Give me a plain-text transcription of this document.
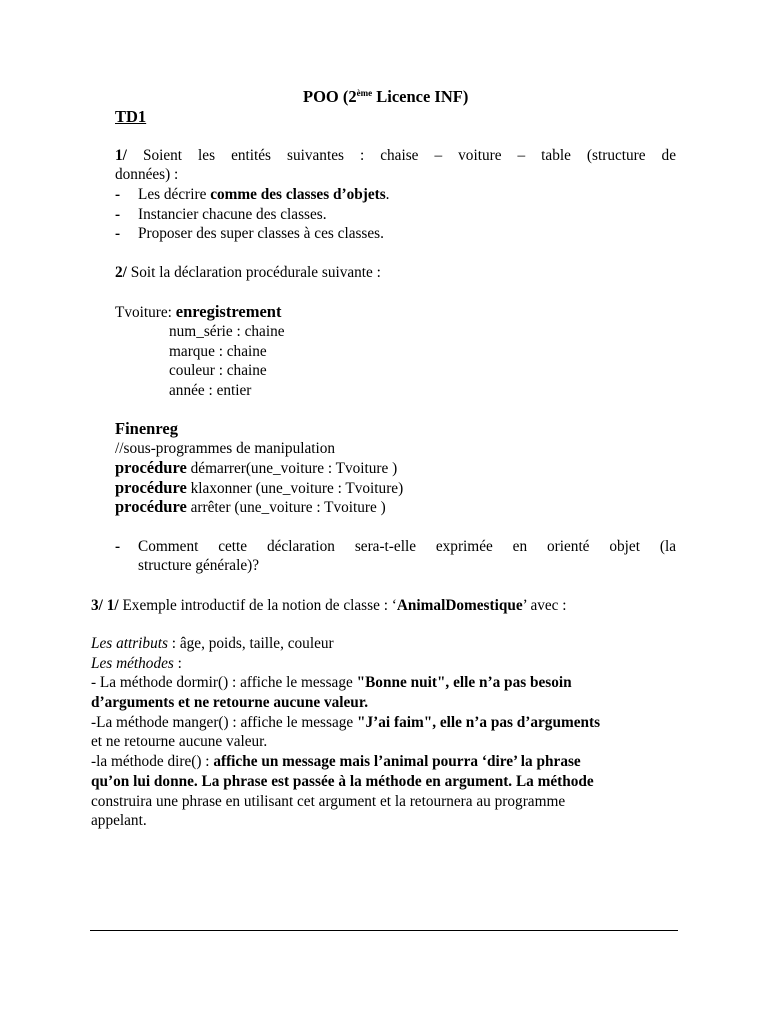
POO (2ème Licence INF)
TD1
1/ Soient les entités suivantes : chaise – voiture – table (structure de
données) :
- Les décrire comme des classes d’objets.
- Instancier chacune des classes.
- Proposer des super classes à ces classes.
2/ Soit la déclaration procédurale suivante :
Tvoiture: enregistrement
num_série : chaine
marque : chaine
couleur : chaine
année : entier
Finenreg
//sous-programmes de manipulation
procédure démarrer(une_voiture : Tvoiture )
procédure klaxonner (une_voiture : Tvoiture)
procédure arrêter (une_voiture : Tvoiture )
- Comment cette déclaration sera-t-elle exprimée en orienté objet (la
structure générale)?
3/ 1/ Exemple introductif de la notion de classe : ‘AnimalDomestique’ avec :
Les attributs : âge, poids, taille, couleur
Les méthodes :
- La méthode dormir() : affiche le message "Bonne nuit", elle n’a pas besoin
d’arguments et ne retourne aucune valeur.
-La méthode manger() : affiche le message "J’ai faim", elle n’a pas d’arguments
et ne retourne aucune valeur.
-la méthode dire() : affiche un message mais l’animal pourra ‘dire’ la phrase
qu’on lui donne. La phrase est passée à la méthode en argument. La méthode
construira une phrase en utilisant cet argument et la retournera au programme
appelant.
